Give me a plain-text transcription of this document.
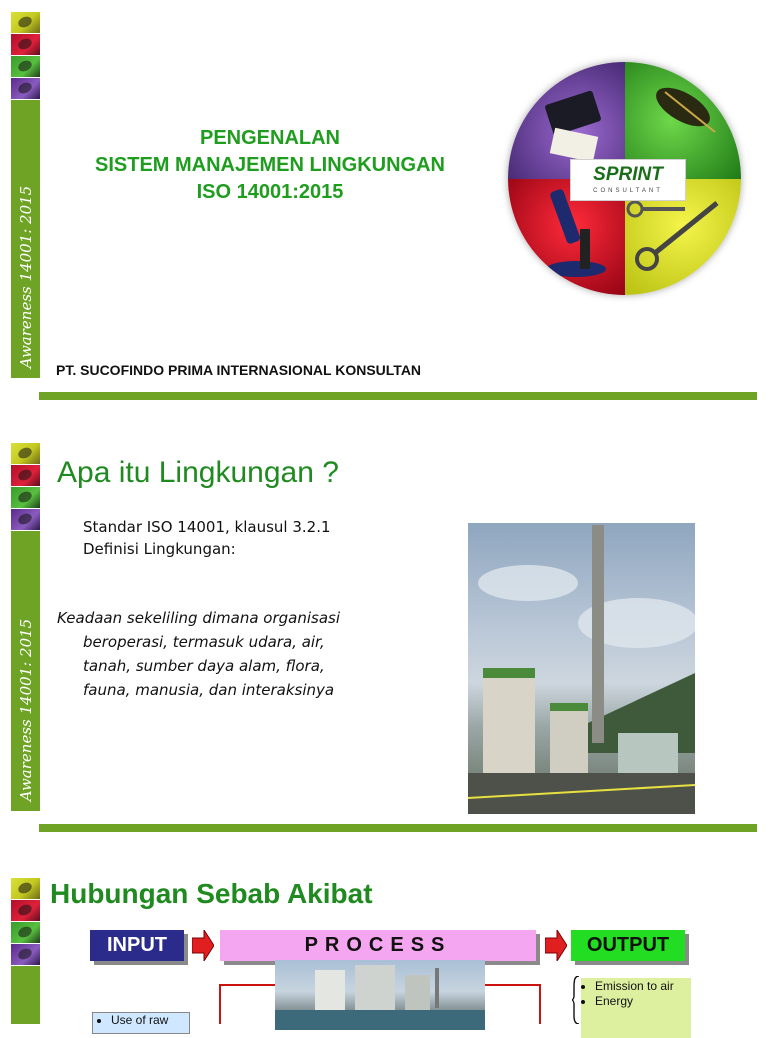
Awareness 14001: 2015
PENGENALAN
SISTEM MANAJEMEN LINGKUNGAN
ISO 14001:2015
SPRINT
CONSULTANT
PT. SUCOFINDO PRIMA INTERNASIONAL KONSULTAN
Awareness 14001: 2015
Apa itu Lingkungan ?
Standar ISO 14001, klausul 3.2.1
Definisi Lingkungan:
Keadaan sekeliling dimana organisasi
beroperasi, termasuk udara, air,
tanah, sumber daya alam, flora,
fauna, manusia, dan interaksinya
Hubungan Sebab Akibat
INPUT	PROCESS	OUTPUT
• Use of raw
• Emission to air
• Energy
